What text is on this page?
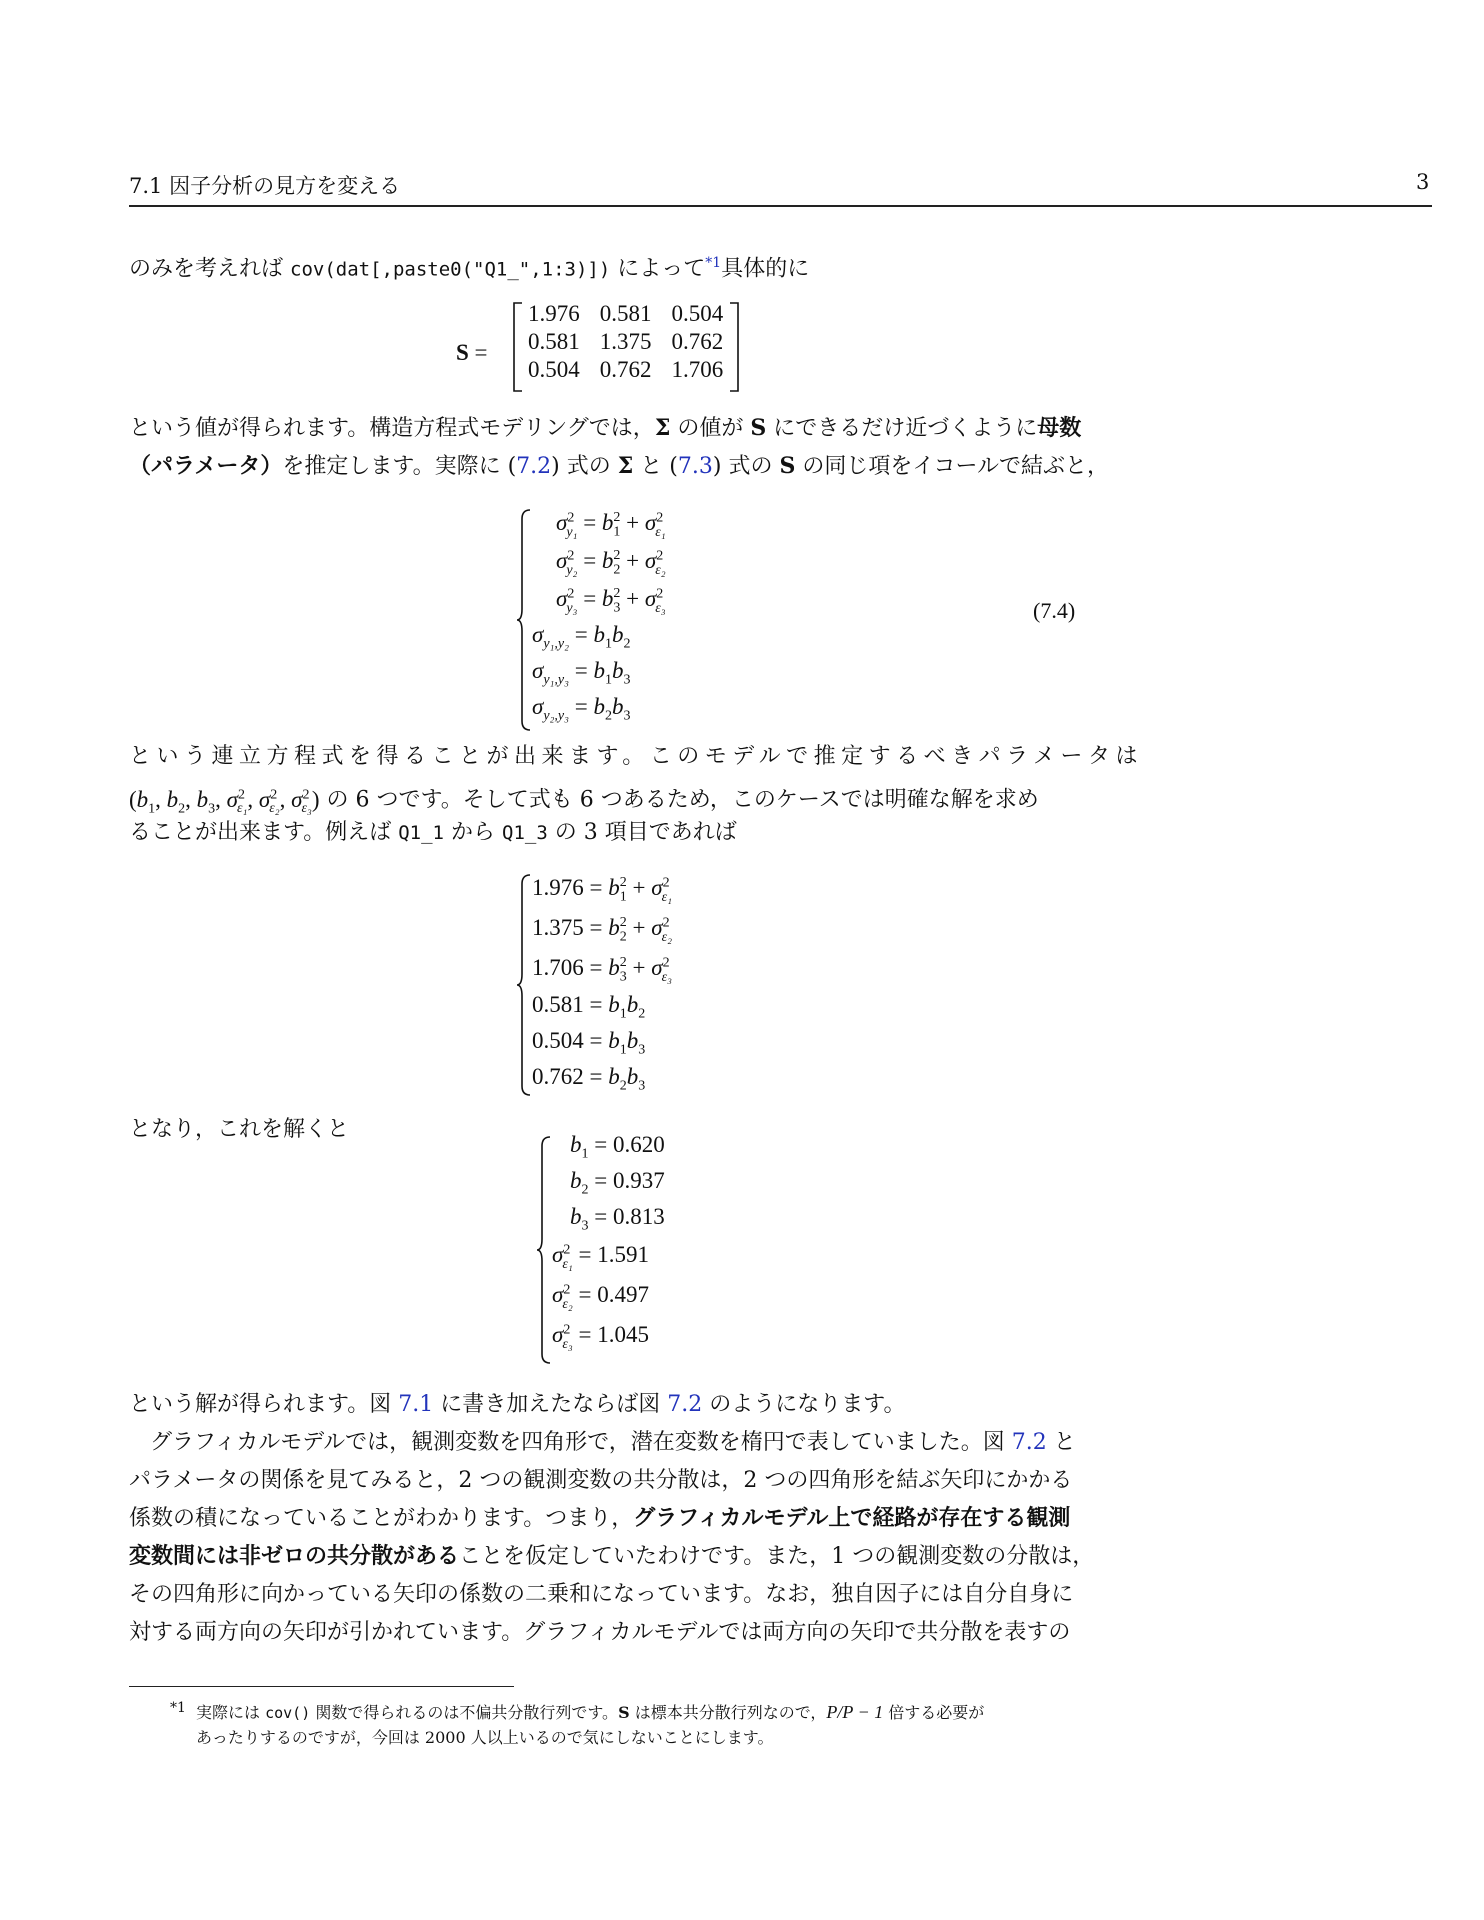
7.1 因子分析の見方を変える	3

のみを考えれば cov(dat[,paste0("Q1_",1:3)]) によって$^{*1}$具体的に

S =
1.976	0.581	0.504
0.581	1.375	0.762
0.504	0.762	1.706

という値が得られます。構造方程式モデリングでは，Σ の値が S にできるだけ近づくように母数

（パラメータ）を推定します。実際に (7.2) 式の Σ と (7.3) 式の S の同じ項をイコールで結ぶと，

$\sigma^2_{y_1} = b_1^2 + \sigma^2_{\varepsilon_1}$
$\sigma^2_{y_2} = b_2^2 + \sigma^2_{\varepsilon_2}$
$\sigma^2_{y_3} = b_3^2 + \sigma^2_{\varepsilon_3}$
$\sigma_{y_1,y_2} = b_1b_2$
$\sigma_{y_1,y_3} = b_1b_3$
$\sigma_{y_2,y_3} = b_2b_3$
(7.4)

という連立方程式を得ることが出来ます。このモデルで推定するべきパラメータは

($b_1$, $b_2$, $b_3$, $\sigma^2_{\varepsilon_1}$, $\sigma^2_{\varepsilon_2}$, $\sigma^2_{\varepsilon_3}$) の 6 つです。そして式も 6 つあるため，このケースでは明確な解を求め

ることが出来ます。例えば Q1_1 から Q1_3 の 3 項目であれば

$1.976 = b_1^2 + \sigma^2_{\varepsilon_1}$
$1.375 = b_2^2 + \sigma^2_{\varepsilon_2}$
$1.706 = b_3^2 + \sigma^2_{\varepsilon_3}$
$0.581 = b_1b_2$
$0.504 = b_1b_3$
$0.762 = b_2b_3$

となり，これを解くと

$b_1 = 0.620$
$b_2 = 0.937$
$b_3 = 0.813$
$\sigma^2_{\varepsilon_1} = 1.591$
$\sigma^2_{\varepsilon_2} = 0.497$
$\sigma^2_{\varepsilon_3} = 1.045$

という解が得られます。図 7.1 に書き加えたならば図 7.2 のようになります。

グラフィカルモデルでは，観測変数を四角形で，潜在変数を楕円で表していました。図 7.2 と

パラメータの関係を見てみると，2 つの観測変数の共分散は，2 つの四角形を結ぶ矢印にかかる

係数の積になっていることがわかります。つまり，グラフィカルモデル上で経路が存在する観測

変数間には非ゼロの共分散があることを仮定していたわけです。また，1 つの観測変数の分散は，

その四角形に向かっている矢印の係数の二乗和になっています。なお，独自因子には自分自身に

対する両方向の矢印が引かれています。グラフィカルモデルでは両方向の矢印で共分散を表すの

*1 実際には cov() 関数で得られるのは不偏共分散行列です。S は標本共分散行列なので，P/P − 1 倍する必要が
あったりするのですが，今回は 2000 人以上いるので気にしないことにします。
